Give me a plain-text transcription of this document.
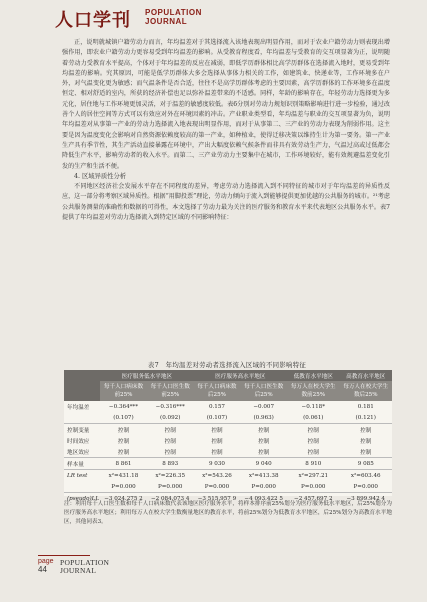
人口学刊 POPULATION
JOURNAL

正，说明就城镇户籍劳动力而言，年均温差对于其选择流入该地表现出明显作用，而对于农业户籍劳动力则表现出增强作用，即农业户籍劳动力更容易受到年均温差的影响。从受教育程度看，年均温差与受教育的交互项显著为正，说明随着劳动力受教育水平提高，个体对于年均温差的反应在减弱，即低学历群体相比高学历群体在选择流入地时，更易受到年均温差的影响。究其原因，可能是低学历群体大多会选择从事体力相关的工作，如建筑业、快递业等，工作环境多在户外，对气温变化更为敏感；而气温条件是否合适，往往不是高学历群体考虑的主要因素，高学历群体的工作环境多在温度恒定、相对舒适的室内，所获的经济补偿也足以弥补温差带来的不适感。同样，年龄的影响存在，年轻劳动力选择更为多元化，居住地与工作环境更加灵活，对于温差的敏感度较低。表6分别对劳动力规划识别策略影响进行进一步检验，通过改善个人的居住空间等方式可以有效应对外在环境因素的冲击。产业职业类型看，年均温差与职业的交互项显著为负，说明年均温差对从事第一产业的劳动力选择流入地表现出明显作用，而对于从事第二、三产业的劳动力表现为削弱作用。这主要是因为温度变化会影响对自然资源依赖度较高的第一产业，如种植业，使得迁移决策以维持生计为第一要务。第一产业生产具有季节性，其生产活动直接暴露在环境中，产出大幅度依赖气候条件而非具有效劳动生产力，气温过高或过低都会降低生产水平，影响劳动者的收入水平。而第二、三产业劳动力主要集中在城市，工作环境较好，能有效规避温差变化引发的生产和生活不便。

4. 区域异质性分析

不同地区经济社会发展水平存在不同程度的差异，考虑劳动力选择流入到不同特征的城市对于年均温差的异质性反应，这一部分将考察区域异质性。根据“用脚投票”理论，劳动力倾向于流入到能够提供更加优越的公共服务的城市。²¹考虑公共服务测量的准确性和数据的可得性，本文选择了劳动力最为关注的医疗服务和教育水平来代表地区公共服务水平。表7提供了年均温差对劳动力选择流入到特定区域的不同影响特征：

表7　年均温差对劳动者选择流入区域的不同影响特征
	医疗服务低水平地区		医疗服务高水平地区		低教育水平地区	高教育水平地区
	每千人口病床数前25%	每千人口医生数前25%	每千人口病床数后25%	每千人口医生数后25%	每万人在校大学生数前25%	每万人在校大学生数后25%
年均温差	−0.364***	−0.316***	0.157	−0.007	−0.118*	0.181
	(0.107)	(0.092)	(0.107)	(0.963)	(0.061)	(0.121)
控制变量	控制	控制	控制	控制	控制	控制
时间效应	控制	控制	控制	控制	控制	控制
地区效应	控制	控制	控制	控制	控制	控制
样本量	8 861	8 893	9 030	9 040	8 910	9 085
LR test	x²=431.18	x²=226.35	x²=543.26	x²=413.38	x²=297.21	x²=603.46
	P=0.000	P=0.000	P=0.000	P=0.000	P=0.000	P=0.000
(pseudo)LL	−3 024.275 2	−2 084.073 4	−3 515.957 9	−4 093.422 5	−2 457.697 2	−3 899.942 4
注：利用每千人口医生数和每千人口病床数代表该地区医疗服务水平，将样本排序前25%划分为医疗服务低水平地区，后25%划分为医疗服务高水平地区；利用每万人在校大学生数衡量地区的教育水平，将前25%划分为低教育水平地区，后25%划分为高教育水平地区，其他同表3。
page
44
POPULATION
JOURNAL
